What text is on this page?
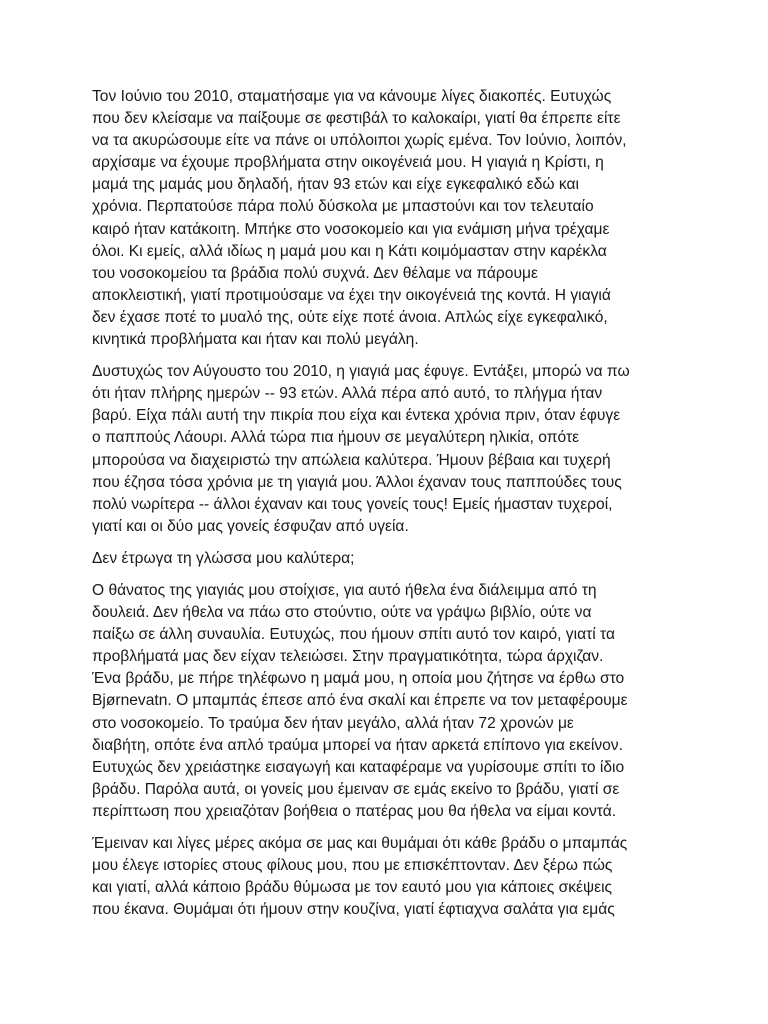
Τον Ιούνιο του 2010, σταματήσαμε για να κάνουμε λίγες διακοπές. Ευτυχώς
που δεν κλείσαμε να παίξουμε σε φεστιβάλ το καλοκαίρι, γιατί θα έπρεπε είτε
να τα ακυρώσουμε είτε να πάνε οι υπόλοιποι χωρίς εμένα. Τον Ιούνιο, λοιπόν,
αρχίσαμε να έχουμε προβλήματα στην οικογένειά μου. Η γιαγιά η Κρίστι, η
μαμά της μαμάς μου δηλαδή, ήταν 93 ετών και είχε εγκεφαλικό εδώ και
χρόνια. Περπατούσε πάρα πολύ δύσκολα με μπαστούνι και τον τελευταίο
καιρό ήταν κατάκοιτη. Μπήκε στο νοσοκομείο και για ενάμιση μήνα τρέχαμε
όλοι. Κι εμείς, αλλά ιδίως η μαμά μου και η Κάτι κοιμόμασταν στην καρέκλα
του νοσοκομείου τα βράδια πολύ συχνά. Δεν θέλαμε να πάρουμε
αποκλειστική, γιατί προτιμούσαμε να έχει την οικογένειά της κοντά. Η γιαγιά
δεν έχασε ποτέ το μυαλό της, ούτε είχε ποτέ άνοια. Απλώς είχε εγκεφαλικό,
κινητικά προβλήματα και ήταν και πολύ μεγάλη.

Δυστυχώς τον Αύγουστο του 2010, η γιαγιά μας έφυγε. Εντάξει, μπορώ να πω
ότι ήταν πλήρης ημερών -- 93 ετών. Αλλά πέρα από αυτό, το πλήγμα ήταν
βαρύ. Είχα πάλι αυτή την πικρία που είχα και έντεκα χρόνια πριν, όταν έφυγε
ο παππούς Λάουρι. Αλλά τώρα πια ήμουν σε μεγαλύτερη ηλικία, οπότε
μπορούσα να διαχειριστώ την απώλεια καλύτερα. Ήμουν βέβαια και τυχερή
που έζησα τόσα χρόνια με τη γιαγιά μου. Άλλοι έχαναν τους παππούδες τους
πολύ νωρίτερα -- άλλοι έχαναν και τους γονείς τους! Εμείς ήμασταν τυχεροί,
γιατί και οι δύο μας γονείς έσφυζαν από υγεία.

Δεν έτρωγα τη γλώσσα μου καλύτερα;

Ο θάνατος της γιαγιάς μου στοίχισε, για αυτό ήθελα ένα διάλειμμα από τη
δουλειά. Δεν ήθελα να πάω στο στούντιο, ούτε να γράψω βιβλίο, ούτε να
παίξω σε άλλη συναυλία. Ευτυχώς, που ήμουν σπίτι αυτό τον καιρό, γιατί τα
προβλήματά μας δεν είχαν τελειώσει. Στην πραγματικότητα, τώρα άρχιζαν.
Ένα βράδυ, με πήρε τηλέφωνο η μαμά μου, η οποία μου ζήτησε να έρθω στο
Bjørnevatn. Ο μπαμπάς έπεσε από ένα σκαλί και έπρεπε να τον μεταφέρουμε
στο νοσοκομείο. Το τραύμα δεν ήταν μεγάλο, αλλά ήταν 72 χρονών με
διαβήτη, οπότε ένα απλό τραύμα μπορεί να ήταν αρκετά επίπονο για εκείνον.
Ευτυχώς δεν χρειάστηκε εισαγωγή και καταφέραμε να γυρίσουμε σπίτι το ίδιο
βράδυ. Παρόλα αυτά, οι γονείς μου έμειναν σε εμάς εκείνο το βράδυ, γιατί σε
περίπτωση που χρειαζόταν βοήθεια ο πατέρας μου θα ήθελα να είμαι κοντά.

Έμειναν και λίγες μέρες ακόμα σε μας και θυμάμαι ότι κάθε βράδυ ο μπαμπάς
μου έλεγε ιστορίες στους φίλους μου, που με επισκέπτονταν. Δεν ξέρω πώς
και γιατί, αλλά κάποιο βράδυ θύμωσα με τον εαυτό μου για κάποιες σκέψεις
που έκανα. Θυμάμαι ότι ήμουν στην κουζίνα, γιατί έφτιαχνα σαλάτα για εμάς
